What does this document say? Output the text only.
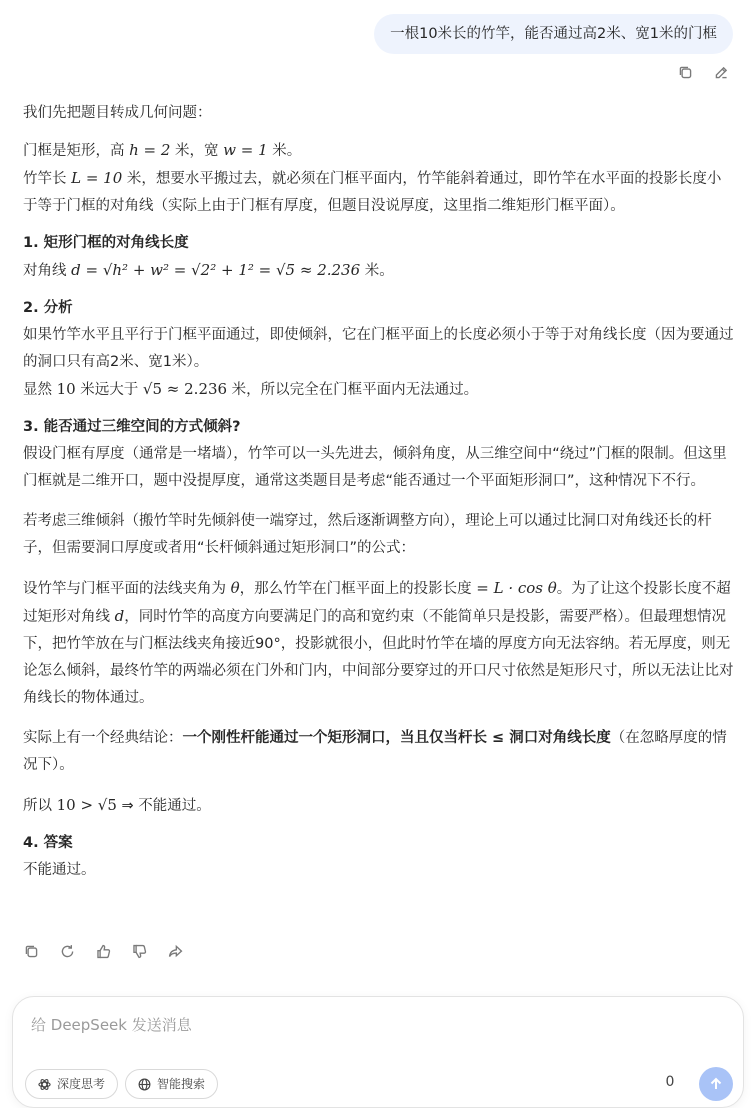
一根10米长的竹竿，能否通过高2米、宽1米的门框

我们先把题目转成几何问题：

门框是矩形，高 h = 2 米，宽 w = 1 米。

竹竿长 L = 10 米，想要水平搬过去，就必须在门框平面内，竹竿能斜着通过，即竹竿在水平面的投影长度小于等于门框的对角线（实际上由于门框有厚度，但题目没说厚度，这里指二维矩形门框平面）。

1. 矩形门框的对角线长度

对角线 d = √h² + w² = √2² + 1² = √5 ≈ 2.236 米。

2. 分析

如果竹竿水平且平行于门框平面通过，即使倾斜，它在门框平面上的长度必须小于等于对角线长度（因为要通过的洞口只有高2米、宽1米）。

显然 10 米远大于 √5 ≈ 2.236 米，所以完全在门框平面内无法通过。

3. 能否通过三维空间的方式倾斜?

假设门框有厚度（通常是一堵墙），竹竿可以一头先进去，倾斜角度，从三维空间中“绕过”门框的限制。但这里门框就是二维开口，题中没提厚度，通常这类题目是考虑“能否通过一个平面矩形洞口”，这种情况下不行。

若考虑三维倾斜（搬竹竿时先倾斜使一端穿过，然后逐渐调整方向），理论上可以通过比洞口对角线还长的杆子，但需要洞口厚度或者用“长杆倾斜通过矩形洞口”的公式：

设竹竿与门框平面的法线夹角为 θ，那么竹竿在门框平面上的投影长度 = L · cos θ。为了让这个投影长度不超过矩形对角线 d，同时竹竿的高度方向要满足门的高和宽约束（不能简单只是投影，需要严格）。但最理想情况下，把竹竿放在与门框法线夹角接近90°，投影就很小，但此时竹竿在墙的厚度方向无法容纳。若无厚度，则无论怎么倾斜，最终竹竿的两端必须在门外和门内，中间部分要穿过的开口尺寸依然是矩形尺寸，所以无法让比对角线长的物体通过。

实际上有一个经典结论：一个刚性杆能通过一个矩形洞口，当且仅当杆长 ≤ 洞口对角线长度（在忽略厚度的情况下）。

所以 10 > √5 ⇒ 不能通过。

4. 答案

不能通过。

给 DeepSeek 发送消息
深度思考	智能搜索	0
